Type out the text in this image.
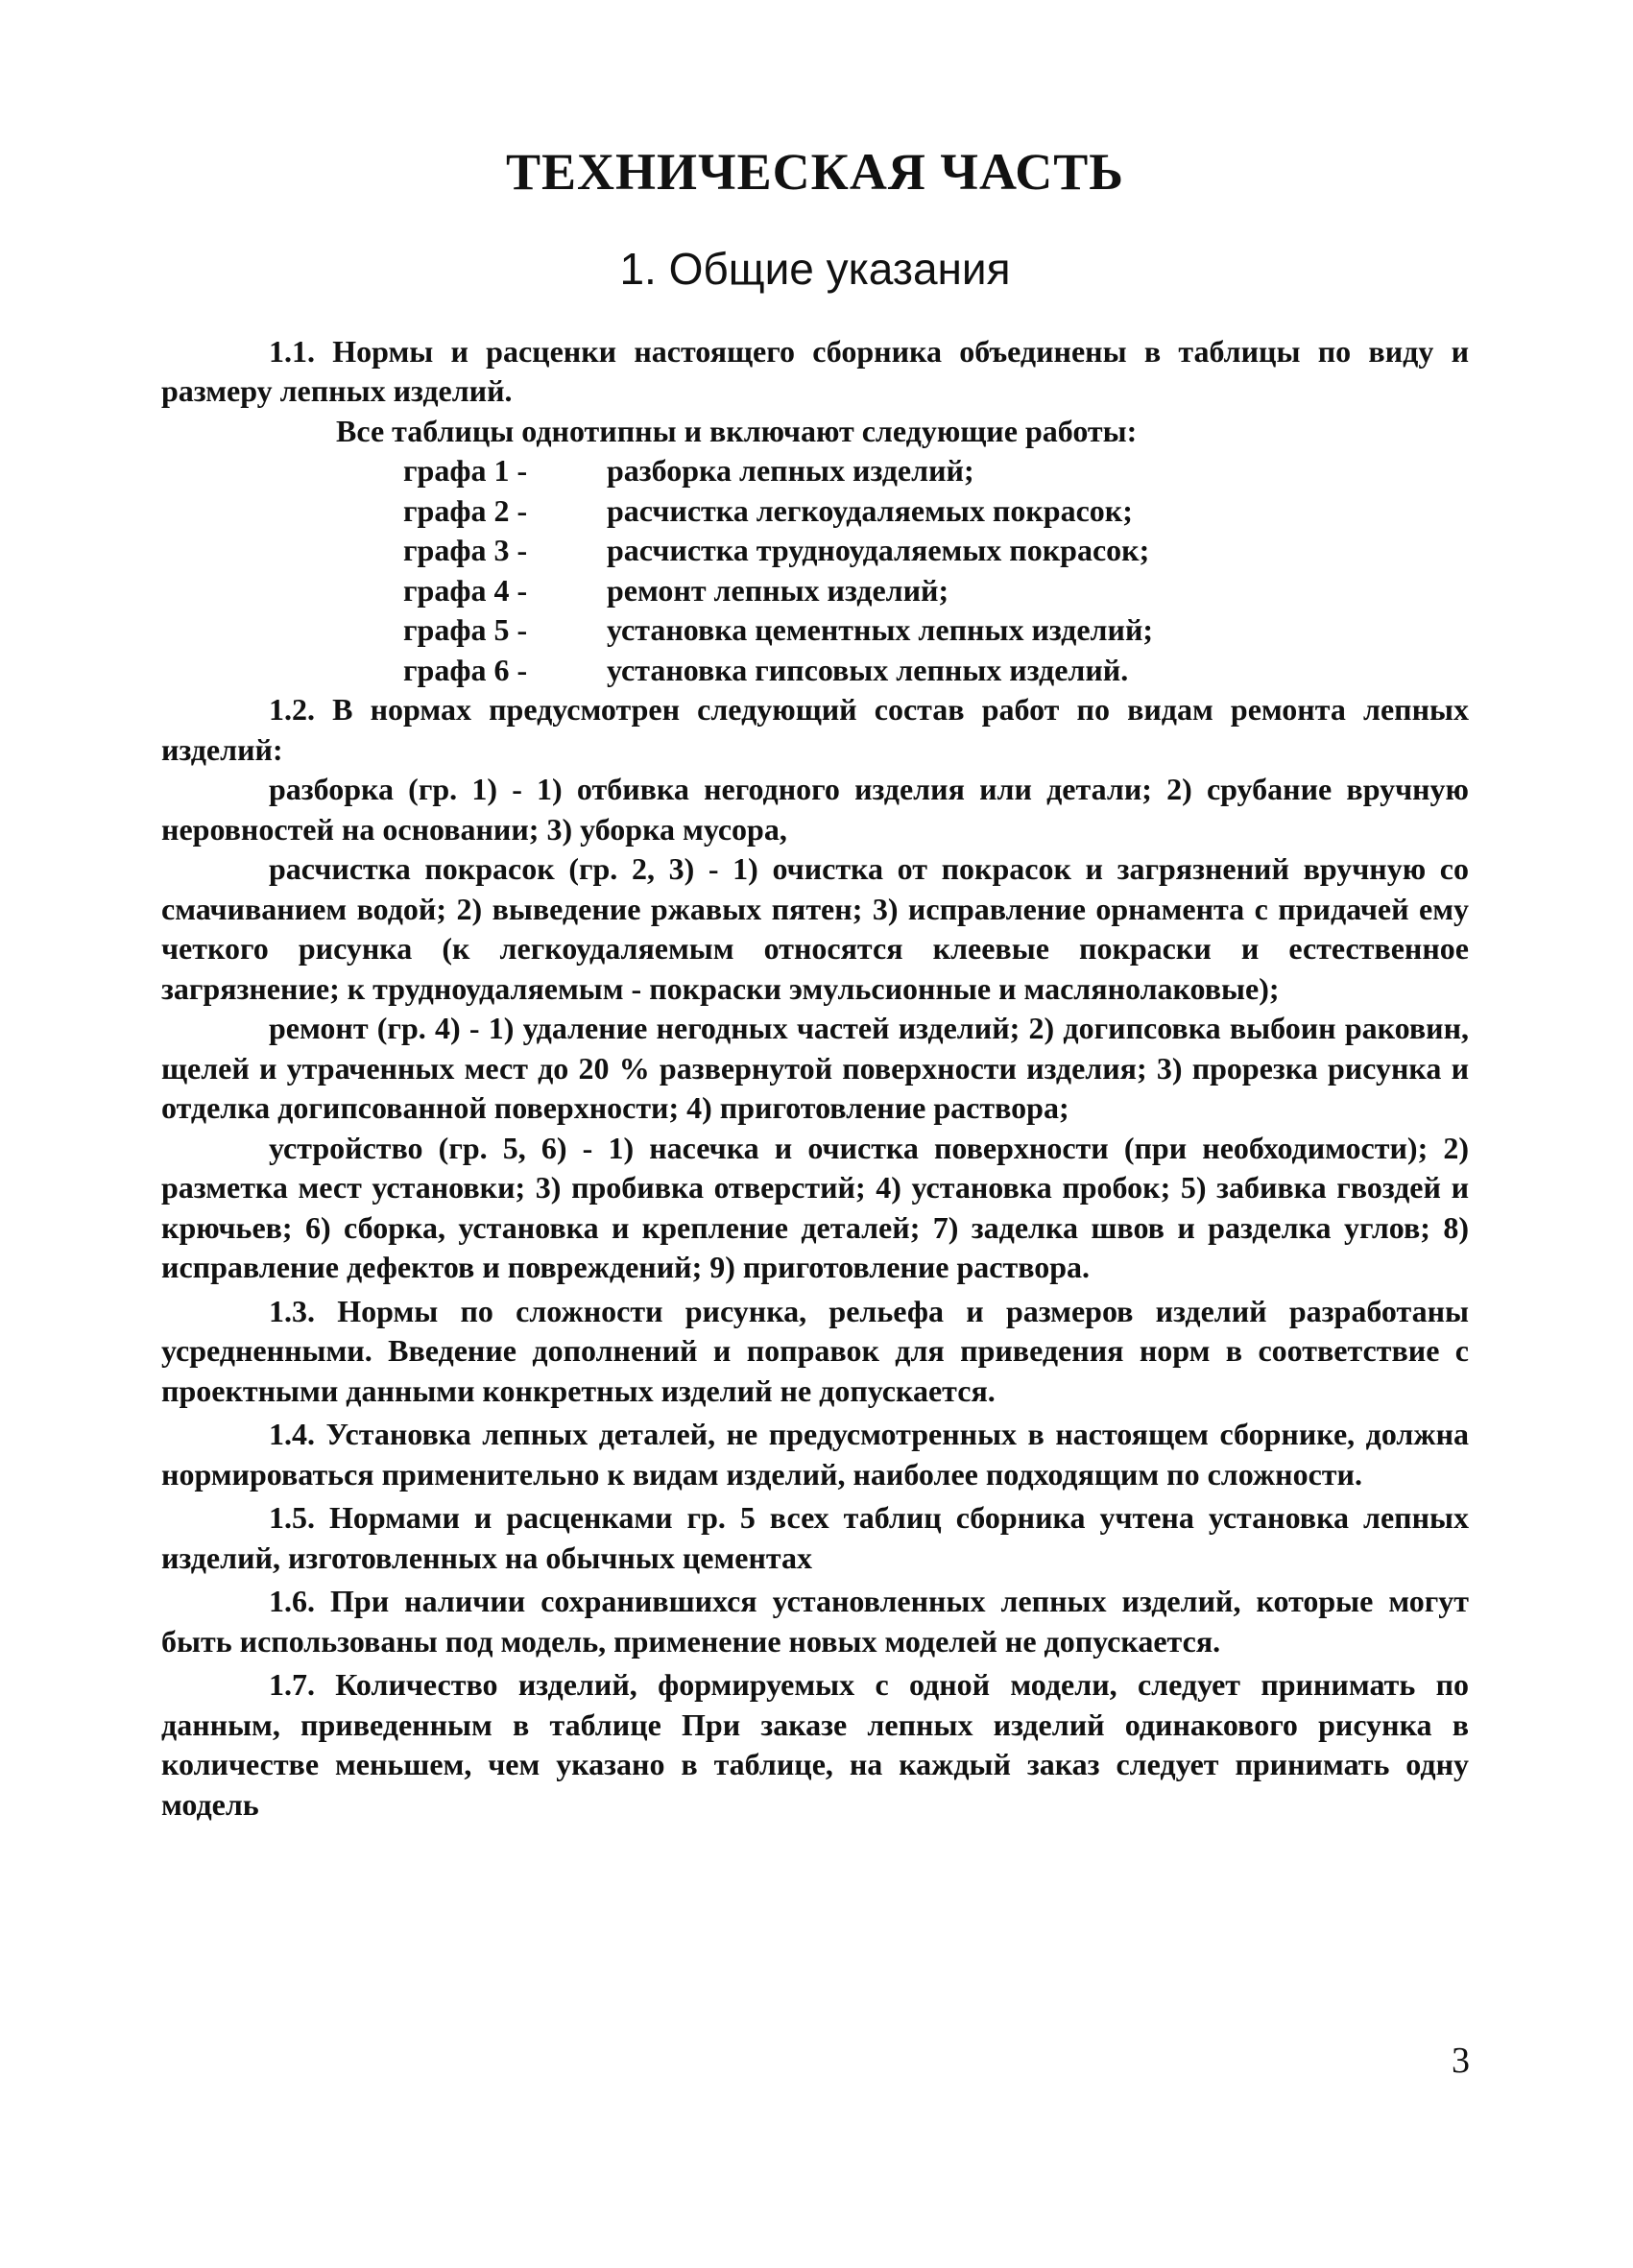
ТЕХНИЧЕСКАЯ ЧАСТЬ
1. Общие указания

1.1. Нормы и расценки настоящего сборника объединены в таблицы по виду и размеру лепных изделий.

Все таблицы однотипны и включают следующие работы:

графа 1 -	разборка лепных изделий;
графа 2 -	расчистка легкоудаляемых покрасок;
графа 3 -	расчистка трудноудаляемых покрасок;
графа 4 -	ремонт лепных изделий;
графа 5 -	установка цементных лепных изделий;
графа 6 -	установка гипсовых лепных изделий.

1.2. В нормах предусмотрен следующий состав работ по видам ремонта лепных изделий:

разборка (гр. 1) - 1) отбивка негодного изделия или детали; 2) срубание вручную неровностей на основании; 3) уборка мусора,

расчистка покрасок (гр. 2, 3) - 1) очистка от покрасок и загрязнений вручную со смачиванием водой; 2) выведение ржавых пятен; 3) исправление орнамента с придачей ему четкого рисунка (к легкоудаляемым относятся клеевые покраски и естественное загрязнение; к трудноудаляемым - покраски эмульсионные и маслянолаковые);

ремонт (гр. 4) - 1) удаление негодных частей изделий; 2) догипсовка выбоин раковин, щелей и утраченных мест до 20 % развернутой поверхности изделия; 3) прорезка рисунка и отделка догипсованной поверхности; 4) приготовление раствора;

устройство (гр. 5, 6) - 1) насечка и очистка поверхности (при необходимости); 2) разметка мест установки; 3) пробивка отверстий; 4) установка пробок; 5) забивка гвоздей и крючьев; 6) сборка, установка и крепление деталей; 7) заделка швов и разделка углов; 8) исправление дефектов и повреждений; 9) приготовление раствора.

1.3. Нормы по сложности рисунка, рельефа и размеров изделий разработаны усредненными. Введение дополнений и поправок для приведения норм в соответствие с проектными данными конкретных изделий не допускается.

1.4. Установка лепных деталей, не предусмотренных в настоящем сборнике, должна нормироваться применительно к видам изделий, наиболее подходящим по сложности.

1.5. Нормами и расценками гр. 5 всех таблиц сборника учтена установка лепных изделий, изготовленных на обычных цементах

1.6. При наличии сохранившихся установленных лепных изделий, которые могут быть использованы под модель, применение новых моделей не допускается.

1.7. Количество изделий, формируемых с одной модели, следует принимать по данным, приведенным в таблице При заказе лепных изделий одинакового рисунка в количестве меньшем, чем указано в таблице, на каждый заказ следует принимать одну модель

3
